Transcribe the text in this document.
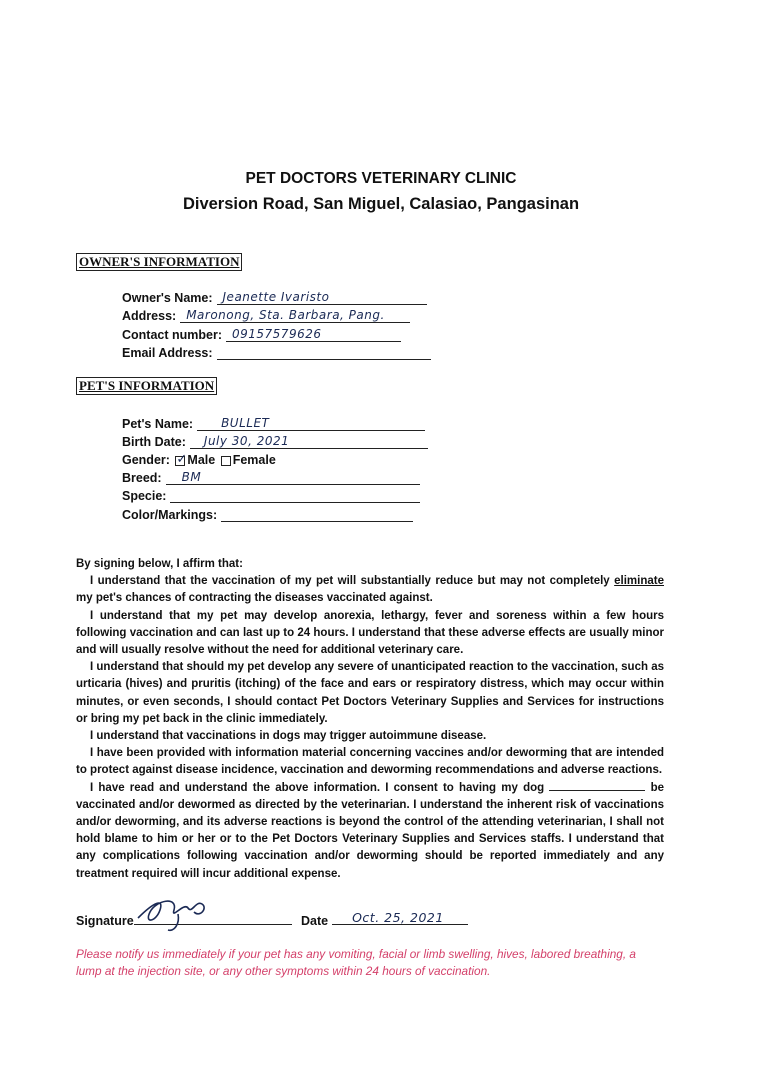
PET DOCTORS VETERINARY CLINIC
Diversion Road, San Miguel, Calasiao, Pangasinan
OWNER'S INFORMATION
Owner's Name: Jeanette Ivaristo
Address: Maronong, Sta. Barbara, Pang.
Contact number: 09157579626
Email Address:
PET'S INFORMATION
Pet's Name: BULLET
Birth Date: July 30, 2021
Gender: ✓ Male Female
Breed: BM
Specie:
Color/Markings:
By signing below, I affirm that:
I understand that the vaccination of my pet will substantially reduce but may not completely eliminate my pet's chances of contracting the diseases vaccinated against.
I understand that my pet may develop anorexia, lethargy, fever and soreness within a few hours following vaccination and can last up to 24 hours. I understand that these adverse effects are usually minor and will usually resolve without the need for additional veterinary care.
I understand that should my pet develop any severe of unanticipated reaction to the vaccination, such as urticaria (hives) and pruritis (itching) of the face and ears or respiratory distress, which may occur within minutes, or even seconds, I should contact Pet Doctors Veterinary Supplies and Services for instructions or bring my pet back in the clinic immediately.
I understand that vaccinations in dogs may trigger autoimmune disease.
I have been provided with information material concerning vaccines and/or deworming that are intended to protect against disease incidence, vaccination and deworming recommendations and adverse reactions.
I have read and understand the above information. I consent to having my dog	be vaccinated and/or dewormed as directed by the veterinarian. I understand the inherent risk of vaccinations and/or deworming, and its adverse reactions is beyond the control of the attending veterinarian, I shall not hold blame to him or her or to the Pet Doctors Veterinary Supplies and Services staffs. I understand that any complications following vaccination and/or deworming should be reported immediately and any treatment required will incur additional expense.
Signature	Date Oct. 25, 2021
Please notify us immediately if your pet has any vomiting, facial or limb swelling, hives, labored breathing, a lump at the injection site, or any other symptoms within 24 hours of vaccination.
